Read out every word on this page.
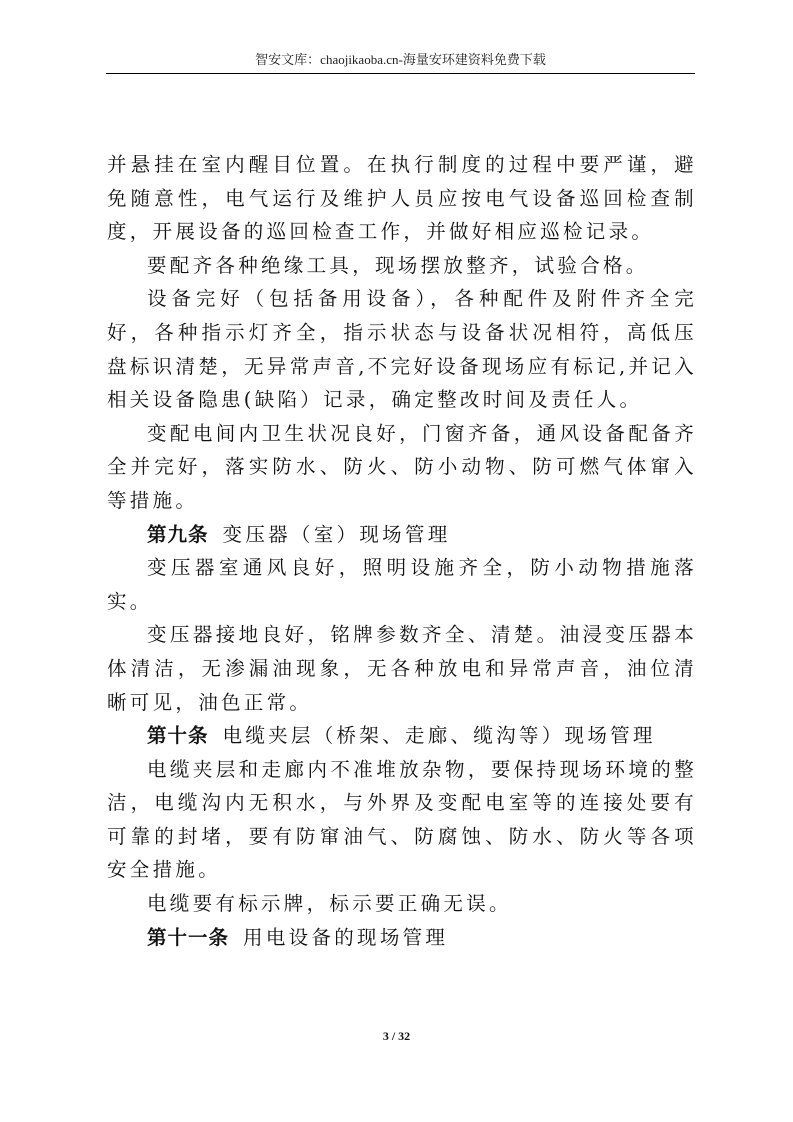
智安文库：chaojikaoba.cn-海量安环建资料免费下载

并悬挂在室内醒目位置。在执行制度的过程中要严谨，避免随意性，电气运行及维护人员应按电气设备巡回检查制度，开展设备的巡回检查工作，并做好相应巡检记录。

要配齐各种绝缘工具，现场摆放整齐，试验合格。

设备完好（包括备用设备），各种配件及附件齐全完好，各种指示灯齐全，指示状态与设备状况相符，高低压盘标识清楚，无异常声音,不完好设备现场应有标记,并记入相关设备隐患(缺陷）记录，确定整改时间及责任人。

变配电间内卫生状况良好，门窗齐备，通风设备配备齐全并完好，落实防水、防火、防小动物、防可燃气体窜入等措施。

第九条 变压器（室）现场管理

变压器室通风良好，照明设施齐全，防小动物措施落实。

变压器接地良好，铭牌参数齐全、清楚。油浸变压器本体清洁，无渗漏油现象，无各种放电和异常声音，油位清晰可见，油色正常。

第十条 电缆夹层（桥架、走廊、缆沟等）现场管理

电缆夹层和走廊内不准堆放杂物，要保持现场环境的整洁，电缆沟内无积水，与外界及变配电室等的连接处要有可靠的封堵，要有防窜油气、防腐蚀、防水、防火等各项安全措施。

电缆要有标示牌，标示要正确无误。

第十一条 用电设备的现场管理

3 / 32
